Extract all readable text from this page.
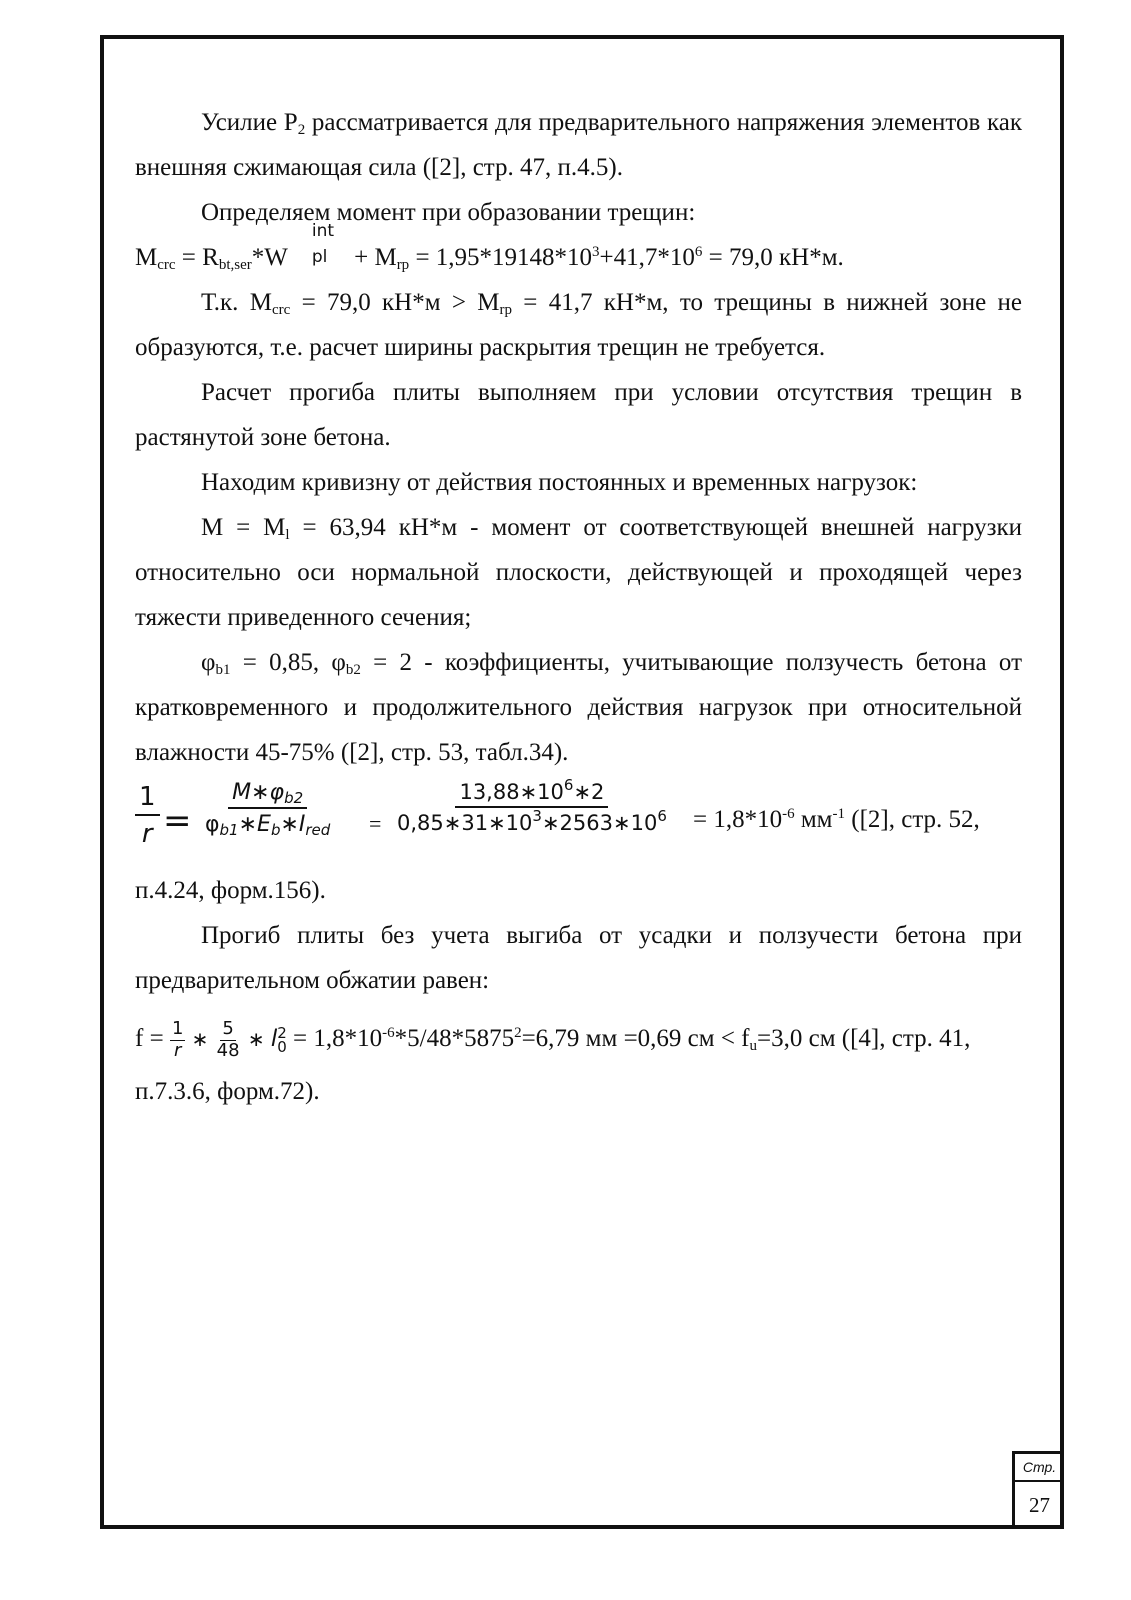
Усилие $P_2$ рассматривается для предварительного напряжения элементов как внешняя сжимающая сила ([2], стр. 47, п.4.5).

Определяем момент при образовании трещин:

$M_{crc} = R_{bt,ser}*W$
int
pl + $M_{rp} = 1,95*19148*10^3+41,7*10^6 = 79,0$ кН*м.

Т.к. $M_{crc} = 79,0$ $кН*м > M_{rp} = 41,7$ кН*м, то трещины в нижней зоне не образуются, т.е. расчет ширины раскрытия трещин не требуется.

Расчет прогиба плиты выполняем при условии отсутствия трещин в растянутой зоне бетона.

Находим кривизну от действия постоянных и временных нагрузок:

$M = M_l = 63,94$ кН*м - момент от соответствующей внешней нагрузки относительно оси нормальной плоскости, действующей и проходящей через тяжести приведенного сечения;

$\varphi_{b1} = 0,85$, $\varphi_{b2} = 2$ - коэффициенты, учитывающие ползучесть бетона от кратковременного и продолжительного действия нагрузок при относительной влажности 45-75% ([2], стр. 53, табл.34).

$\frac{1}{r}$ =
$M∗\varphi_{b2}$
$\varphi_{b1}∗E_b∗I_{red} = \frac{13,88∗10^6∗2}{0,85∗31∗10^3∗2563∗10^6} = 1,8*10^{-6}$ $мм^{-1}$ ([2], стр. 52,

п.4.24, форм.156).

Прогиб плиты без учета выгиба от усадки и ползучести бетона при предварительном обжатии равен:

$f = \frac{1}{r}$ ∗ $\frac{5}{48}$ ∗ l 2
$0 = 1,8*10^{-6}*5/48*5875^2=6,79$ мм =0,69 см < $f_u=3,0$ см ([4], стр. 41,

п.7.3.6, форм.72).

Стр.
27
